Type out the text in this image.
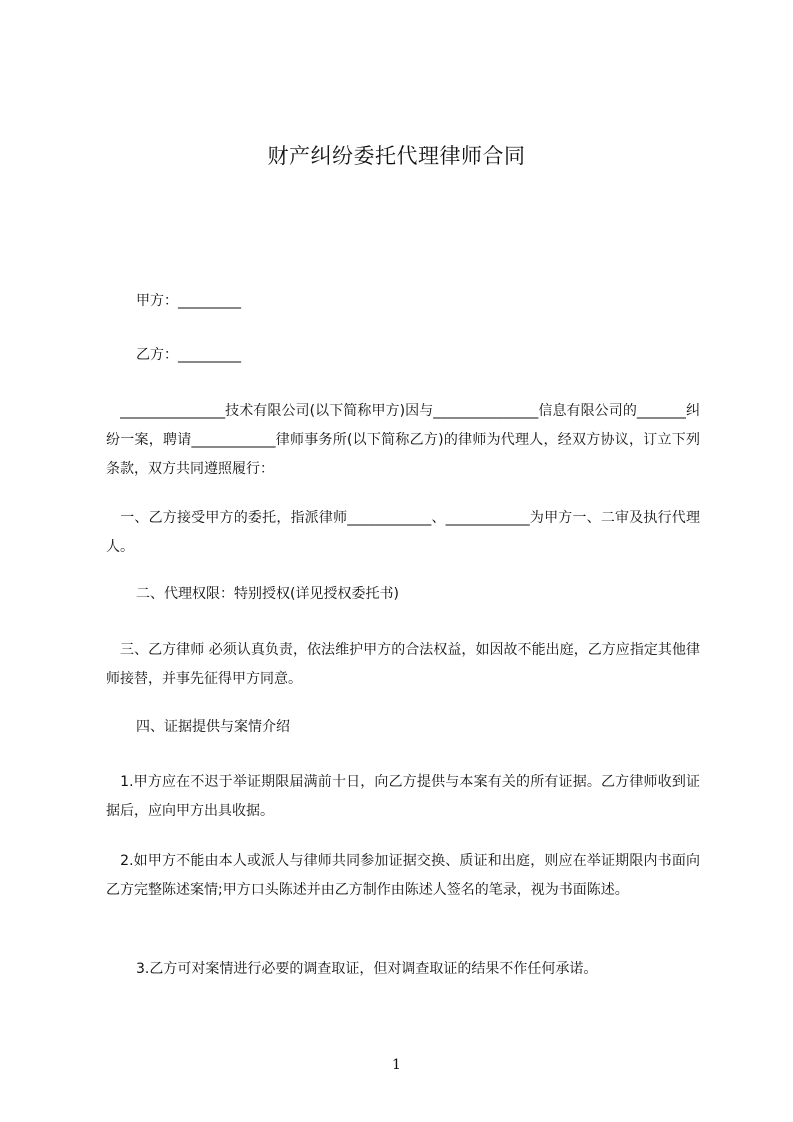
财产纠纷委托代理律师合同
甲方：_________
乙方：_________

　_______________技术有限公司(以下简称甲方)因与_______________信息有限公司的_______纠纷一案，聘请____________律师事务所(以下简称乙方)的律师为代理人，经双方协议，订立下列条款，双方共同遵照履行：

　一、乙方接受甲方的委托，指派律师____________、____________为甲方一、二审及执行代理人。

二、代理权限：特别授权(详见授权委托书)

　三、乙方律师 必须认真负责，依法维护甲方的合法权益，如因故不能出庭，乙方应指定其他律师接替，并事先征得甲方同意。

四、证据提供与案情介绍

　1.甲方应在不迟于举证期限届满前十日，向乙方提供与本案有关的所有证据。乙方律师收到证据后，应向甲方出具收据。

　2.如甲方不能由本人或派人与律师共同参加证据交换、质证和出庭，则应在举证期限内书面向乙方完整陈述案情;甲方口头陈述并由乙方制作由陈述人签名的笔录，视为书面陈述。

3.乙方可对案情进行必要的调查取证，但对调查取证的结果不作任何承诺。
1
